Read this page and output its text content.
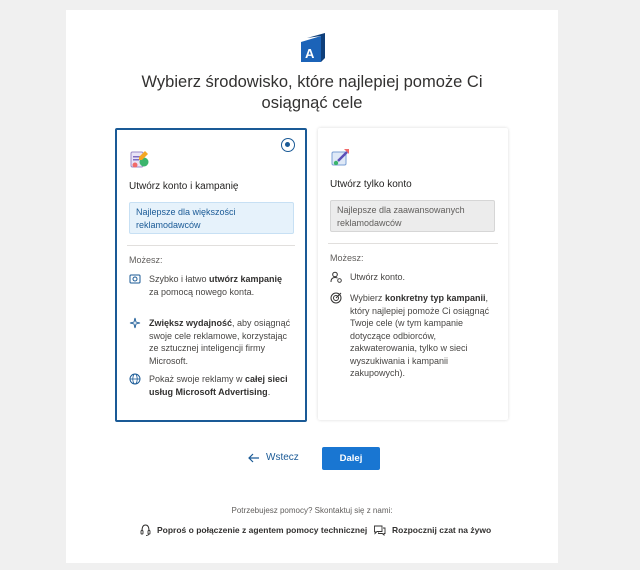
A
Wybierz środowisko, które najlepiej pomoże Ci osiągnąć cele
Utwórz konto i kampanię
Najlepsze dla większości reklamodawców
Możesz:
Szybko i łatwo utwórz kampanię za pomocą nowego konta.
Zwiększ wydajność, aby osiągnąć swoje cele reklamowe, korzystając ze sztucznej inteligencji firmy Microsoft.
Pokaż swoje reklamy w całej sieci usług Microsoft Advertising.
Utwórz tylko konto
Najlepsze dla zaawansowanych reklamodawców
Możesz:
Utwórz konto.
Wybierz konkretny typ kampanii, który najlepiej pomoże Ci osiągnąć Twoje cele (w tym kampanie dotyczące odbiorców, zakwaterowania, tylko w sieci wyszukiwania i kampanii zakupowych).
Wstecz	Dalej
Potrzebujesz pomocy? Skontaktuj się z nami:
Poproś o połączenie z agentem pomocy technicznej	Rozpocznij czat na żywo
